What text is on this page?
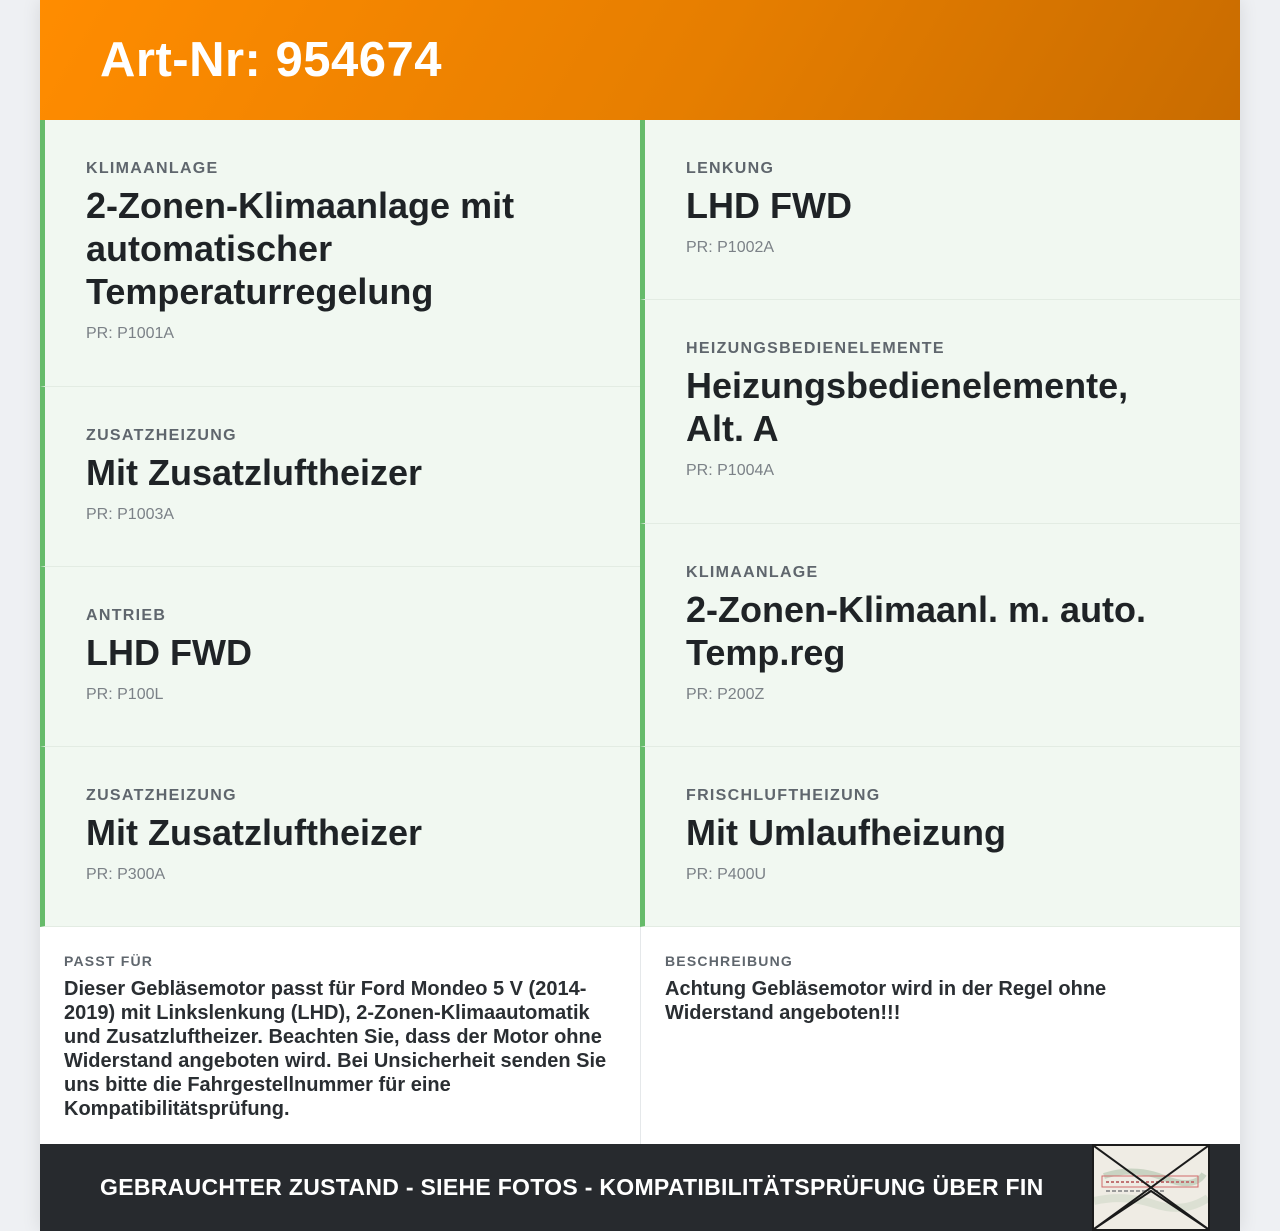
Art-Nr: 954674
KLIMAANLAGE
2-Zonen-Klimaanlage mit automatischer Temperaturregelung
PR: P1001A
ZUSATZHEIZUNG
Mit Zusatzluftheizer
PR: P1003A
ANTRIEB
LHD FWD
PR: P100L
ZUSATZHEIZUNG
Mit Zusatzluftheizer
PR: P300A
LENKUNG
LHD FWD
PR: P1002A
HEIZUNGSBEDIENELEMENTE
Heizungsbedienelemente, Alt. A
PR: P1004A
KLIMAANLAGE
2-Zonen-Klimaanl. m. auto. Temp.reg
PR: P200Z
FRISCHLUFTHEIZUNG
Mit Umlaufheizung
PR: P400U
PASST FÜR
Dieser Gebläsemotor passt für Ford Mondeo 5 V (2014-2019) mit Linkslenkung (LHD), 2-Zonen-Klimaautomatik und Zusatzluftheizer. Beachten Sie, dass der Motor ohne Widerstand angeboten wird. Bei Unsicherheit senden Sie uns bitte die Fahrgestellnummer für eine Kompatibilitätsprüfung.
BESCHREIBUNG
Achtung Gebläsemotor wird in der Regel ohne Widerstand angeboten!!!
GEBRAUCHTER ZUSTAND - SIEHE FOTOS - KOMPATIBILITÄTSPRÜFUNG ÜBER FIN
